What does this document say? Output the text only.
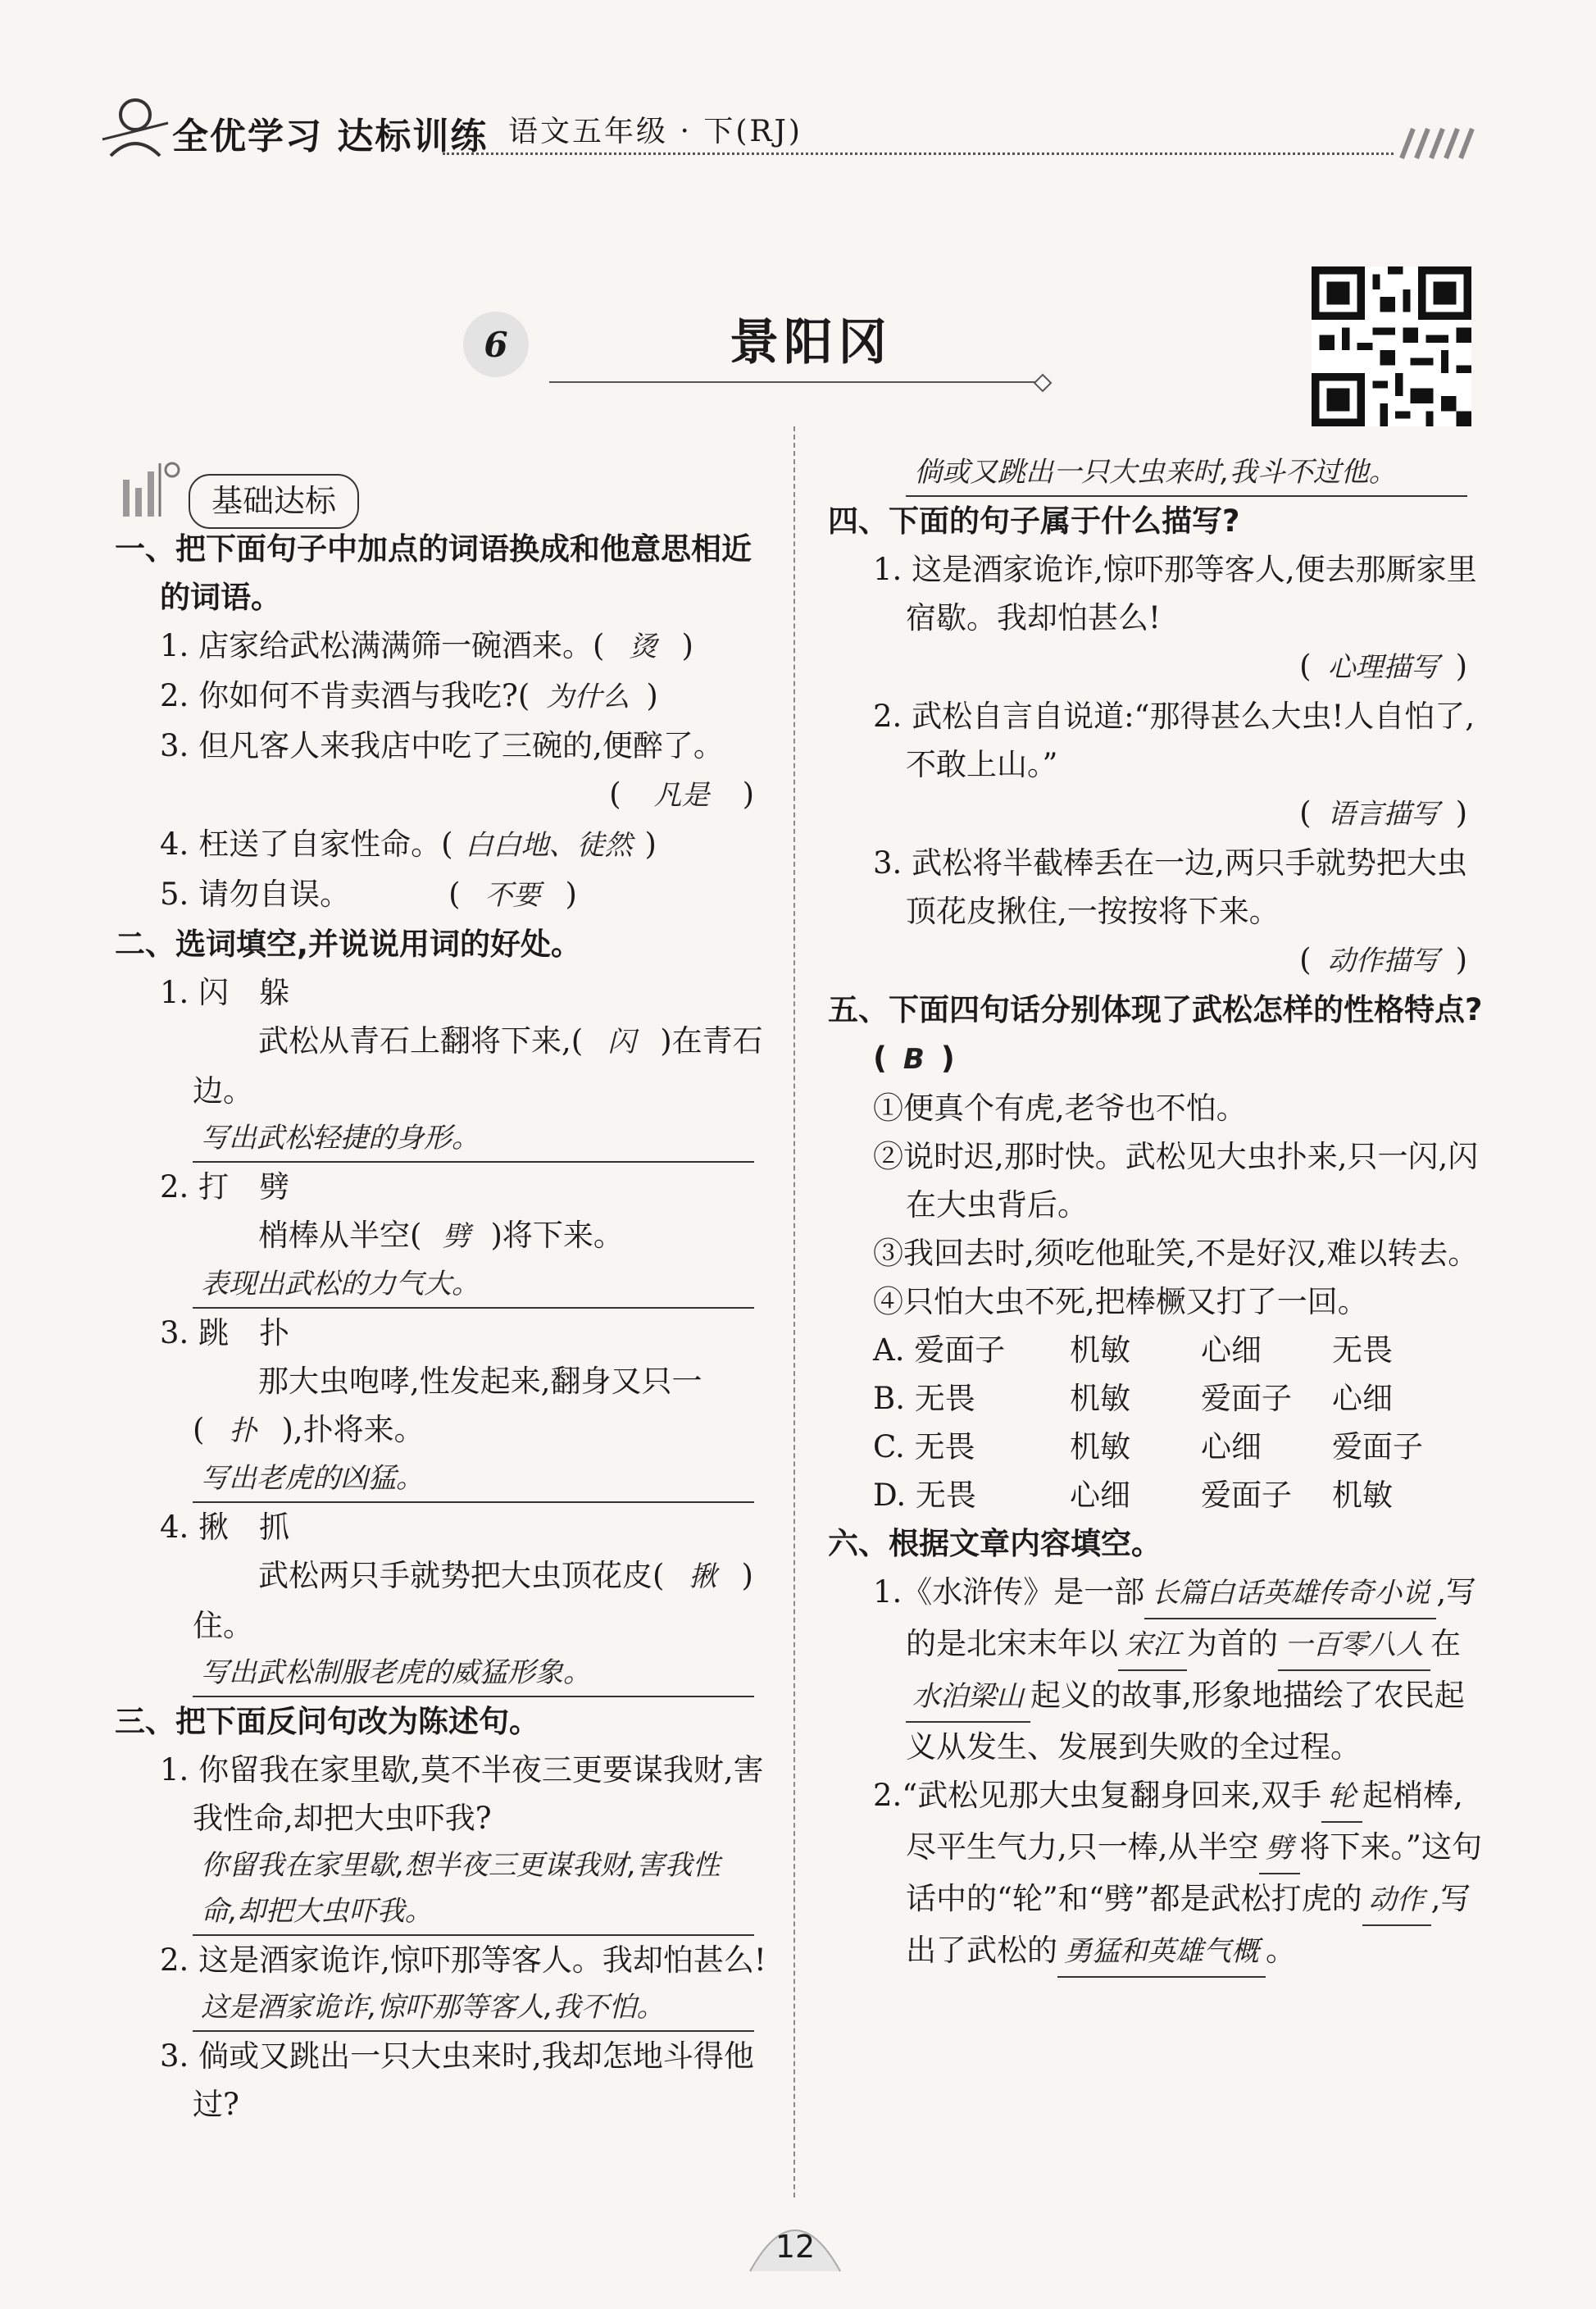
全优学习 达标训练 语文五年级 · 下(RJ)
6	景阳冈
基础达标
一、把下面句子中加点的词语换成和他意思相近的词语。
1. 店家给武松满满筛一碗酒来。( 烫 )
2. 你如何不肯卖酒与我吃?( 为什么 )
3. 但凡客人来我店中吃了三碗的,便醉了。
( 凡是 )
4. 枉送了自家性命。( 白白地、徒然 )
5. 请勿自误。	( 不要 )
二、选词填空,并说说用词的好处。
1. 闪　躲
武松从青石上翻将下来,( 闪 )在青石边。
写出武松轻捷的身形。
2. 打　劈
梢棒从半空( 劈 )将下来。
表现出武松的力气大。
3. 跳　扑
那大虫咆哮,性发起来,翻身又只一( 扑 ),扑将来。
写出老虎的凶猛。
4. 揪　抓
武松两只手就势把大虫顶花皮( 揪 )住。
写出武松制服老虎的威猛形象。
三、把下面反问句改为陈述句。
1. 你留我在家里歇,莫不半夜三更要谋我财,害我性命,却把大虫吓我?
你留我在家里歇,想半夜三更谋我财,害我性命,却把大虫吓我。
2. 这是酒家诡诈,惊吓那等客人。我却怕甚么!
这是酒家诡诈,惊吓那等客人,我不怕。
3. 倘或又跳出一只大虫来时,我却怎地斗得他过?
倘或又跳出一只大虫来时,我斗不过他。
四、下面的句子属于什么描写?
1. 这是酒家诡诈,惊吓那等客人,便去那厮家里宿歇。我却怕甚么!
( 心理描写 )
2. 武松自言自说道:“那得甚么大虫!人自怕了,不敢上山。”
( 语言描写 )
3. 武松将半截棒丢在一边,两只手就势把大虫顶花皮揪住,一按按将下来。
( 动作描写 )
五、下面四句话分别体现了武松怎样的性格特点?( B )
①便真个有虎,老爷也不怕。
②说时迟,那时快。武松见大虫扑来,只一闪,闪在大虫背后。
③我回去时,须吃他耻笑,不是好汉,难以转去。
④只怕大虫不死,把棒橛又打了一回。
A. 爱面子	机敏	心细	无畏
B. 无畏	机敏	爱面子	心细
C. 无畏	机敏	心细	爱面子
D. 无畏	心细	爱面子	机敏
六、根据文章内容填空。
1.《水浒传》是一部 长篇白话英雄传奇小说 ,写的是北宋末年以 宋江 为首的 一百零八人 在水泊梁山 起义的故事,形象地描绘了农民起义从发生、发展到失败的全过程。
2.“武松见那大虫复翻身回来,双手 轮 起梢棒,尽平生气力,只一棒,从半空 劈 将下来。”这句话中的“轮”和“劈”都是武松打虎的 动作 ,写出了武松的 勇猛和英雄气概 。
12
